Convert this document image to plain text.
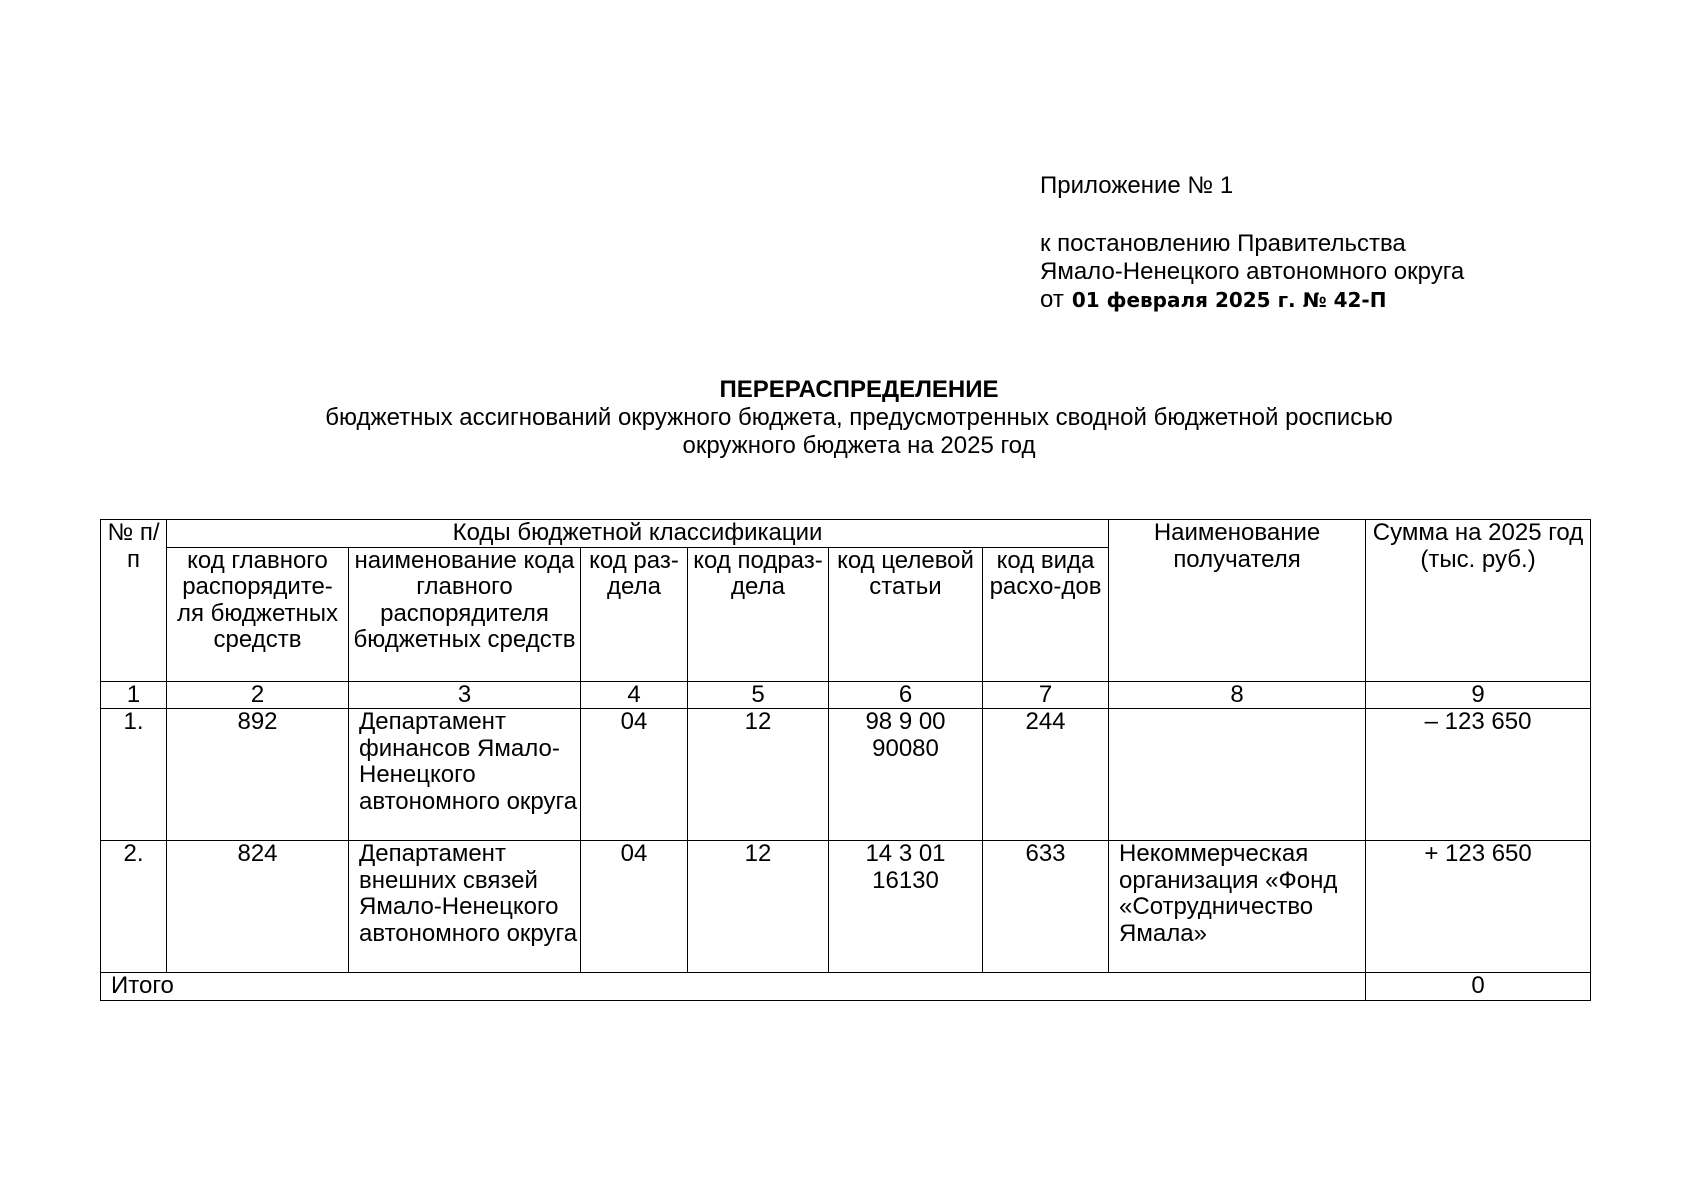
Приложение № 1
к постановлению Правительства
Ямало-Ненецкого автономного округа
от 01 февраля 2025 г. № 42-П
ПЕРЕРАСПРЕДЕЛЕНИЕ
бюджетных ассигнований окружного бюджета, предусмотренных сводной бюджетной росписью
окружного бюджета на 2025 год
№ п/п	Коды бюджетной классификации						Наименование получателя	Сумма на 2025 год (тыс. руб.)
	код главного распорядите-ля бюджетных средств	наименование кода главного распорядителя бюджетных средств	код раз-дела	код подраз-дела	код целевой статьи	код вида расхо-дов		
1	2	3	4	5	6	7	8	9
1.	892	Департамент финансов Ямало-Ненецкого автономного округа	04	12	98 9 00 90080	244		– 123 650
2.	824	Департамент внешних связей Ямало-Ненецкого автономного округа	04	12	14 3 01 16130	633	Некоммерческая организация «Фонд «Сотрудничество Ямала»	+ 123 650
Итого								0
